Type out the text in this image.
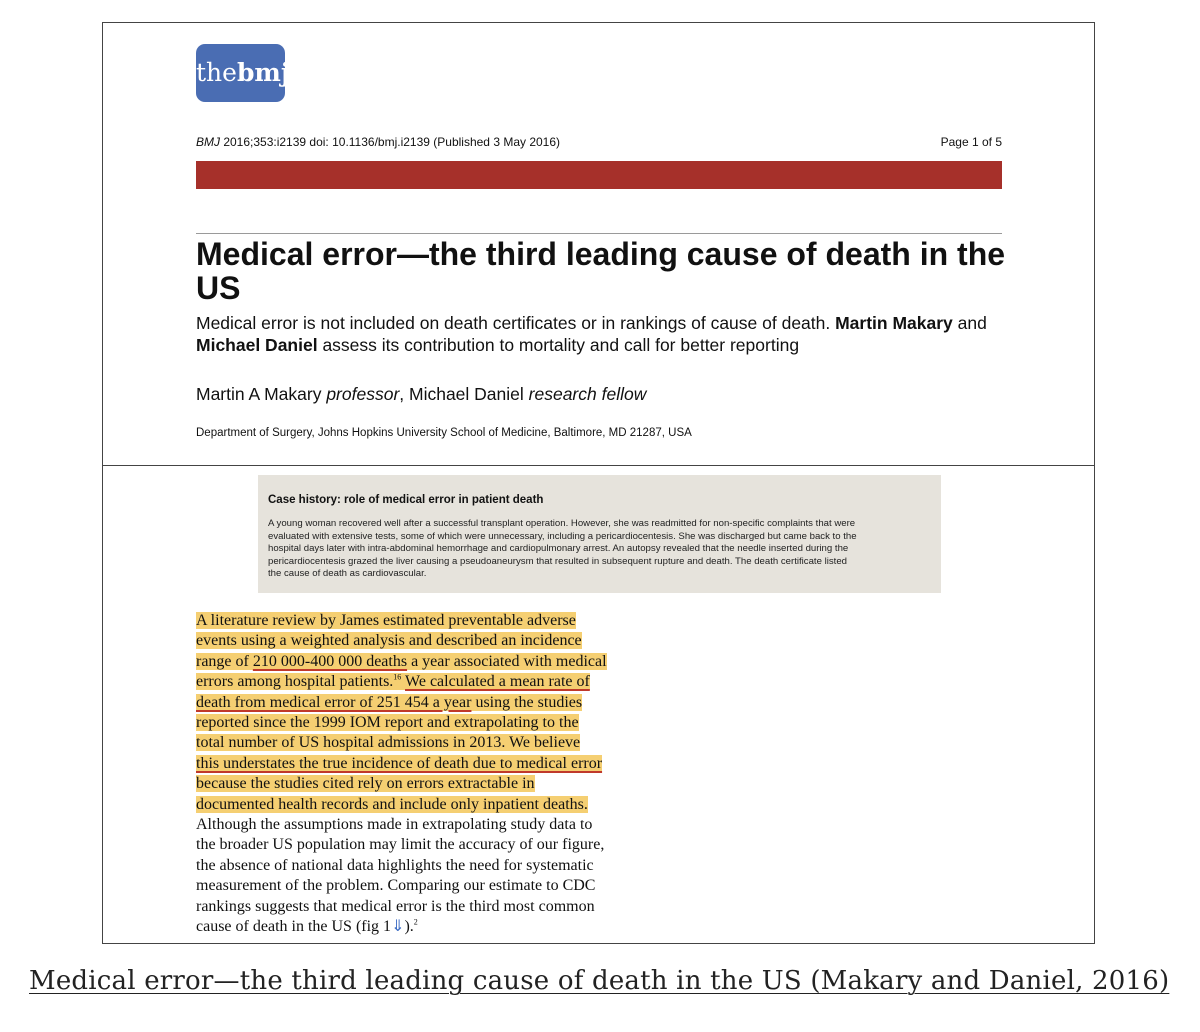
thebmj
BMJ 2016;353:i2139 doi: 10.1136/bmj.i2139 (Published 3 May 2016)	Page 1 of 5
Medical error—the third leading cause of death in the US
Medical error is not included on death certificates or in rankings of cause of death. Martin Makary and Michael Daniel assess its contribution to mortality and call for better reporting
Martin A Makary professor, Michael Daniel research fellow
Department of Surgery, Johns Hopkins University School of Medicine, Baltimore, MD 21287, USA

Case history: role of medical error in patient death

A young woman recovered well after a successful transplant operation. However, she was readmitted for non-specific complaints that were
evaluated with extensive tests, some of which were unnecessary, including a pericardiocentesis. She was discharged but came back to the
hospital days later with intra-abdominal hemorrhage and cardiopulmonary arrest. An autopsy revealed that the needle inserted during the
pericardiocentesis grazed the liver causing a pseudoaneurysm that resulted in subsequent rupture and death. The death certificate listed
the cause of death as cardiovascular.

A literature review by James estimated preventable adverse
events using a weighted analysis and described an incidence
range of 210 000-400 000 deaths a year associated with medical
errors among hospital patients.$^{16}$ We calculated a mean rate of
death from medical error of 251 454 a year using the studies
reported since the 1999 IOM report and extrapolating to the
total number of US hospital admissions in 2013. We believe
this understates the true incidence of death due to medical error
because the studies cited rely on errors extractable in
documented health records and include only inpatient deaths.
Although the assumptions made in extrapolating study data to
the broader US population may limit the accuracy of our figure,
the absence of national data highlights the need for systematic
measurement of the problem. Comparing our estimate to CDC
rankings suggests that medical error is the third most common
cause of death in the US (fig 1⇓).$^2$
Medical error—the third leading cause of death in the US (Makary and Daniel, 2016)
